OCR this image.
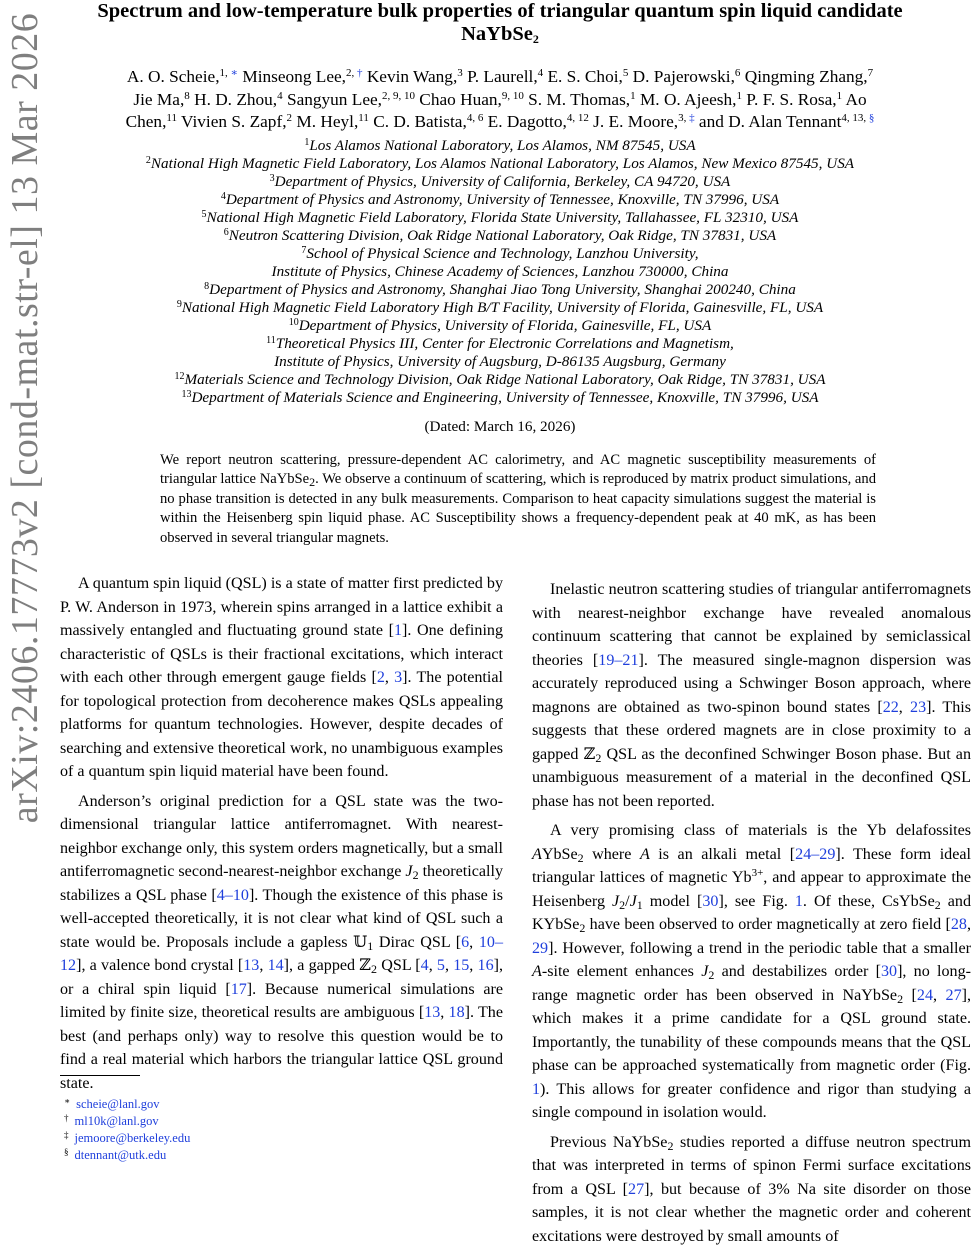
arXiv:2406.17773v2 [cond-mat.str-el] 13 Mar 2026
Spectrum and low-temperature bulk properties of triangular quantum spin liquid candidate
NaYbSe$_2$
A. O. Scheie,$^{1, ∗}$ Minseong Lee,$^{2, \dagger}$ Kevin Wang,$^3$ P. Laurell,$^4$ E. S. Choi,$^5$ D. Pajerowski,$^6$ Qingming Zhang,$^7$
Jie Ma,$^8$ H. D. Zhou,$^4$ Sangyun Lee,$^{2, 9, 10}$ Chao Huan,$^{9, 10}$ S. M. Thomas,$^1$ M. O. Ajeesh,$^1$ P. F. S. Rosa,$^1$ Ao
Chen,$^{11}$ Vivien S. Zapf,$^2$ M. Heyl,$^{11}$ C. D. Batista,$^{4, 6}$ E. Dagotto,$^{4, 12}$ J. E. Moore,$^{3, \ddagger}$ and D. Alan Tennant$^{4, 13, \S}$
$^1$Los Alamos National Laboratory, Los Alamos, NM 87545, USA
$^2$National High Magnetic Field Laboratory, Los Alamos National Laboratory, Los Alamos, New Mexico 87545, USA
$^3$Department of Physics, University of California, Berkeley, CA 94720, USA
$^4$Department of Physics and Astronomy, University of Tennessee, Knoxville, TN 37996, USA
$^5$National High Magnetic Field Laboratory, Florida State University, Tallahassee, FL 32310, USA
$^6$Neutron Scattering Division, Oak Ridge National Laboratory, Oak Ridge, TN 37831, USA
$^7$School of Physical Science and Technology, Lanzhou University,
Institute of Physics, Chinese Academy of Sciences, Lanzhou 730000, China
$^8$Department of Physics and Astronomy, Shanghai Jiao Tong University, Shanghai 200240, China
$^9$National High Magnetic Field Laboratory High B/T Facility, University of Florida, Gainesville, FL, USA
$^{10}$Department of Physics, University of Florida, Gainesville, FL, USA
$^{11}$Theoretical Physics III, Center for Electronic Correlations and Magnetism,
Institute of Physics, University of Augsburg, D-86135 Augsburg, Germany
$^{12}$Materials Science and Technology Division, Oak Ridge National Laboratory, Oak Ridge, TN 37831, USA
$^{13}$Department of Materials Science and Engineering, University of Tennessee, Knoxville, TN 37996, USA
(Dated: March 16, 2026)
We report neutron scattering, pressure-dependent AC calorimetry, and AC magnetic susceptibility measurements of triangular lattice NaYbSe$_2$. We observe a continuum of scattering, which is reproduced by matrix product simulations, and no phase transition is detected in any bulk measurements. Comparison to heat capacity simulations suggest the material is within the Heisenberg spin liquid phase. AC Susceptibility shows a frequency-dependent peak at 40 mK, as has been observed in several triangular magnets.

A quantum spin liquid (QSL) is a state of matter first predicted by P. W. Anderson in 1973, wherein spins arranged in a lattice exhibit a massively entangled and fluctuating ground state [1]. One defining characteristic of QSLs is their fractional excitations, which interact with each other through emergent gauge fields [2, 3]. The potential for topological protection from decoherence makes QSLs appealing platforms for quantum technologies. However, despite decades of searching and extensive theoretical work, no unambiguous examples of a quantum spin liquid material have been found.

Anderson’s original prediction for a QSL state was the two-dimensional triangular lattice antiferromagnet. With nearest-neighbor exchange only, this system orders magnetically, but a small antiferromagnetic second-nearest-neighbor exchange $J_2$ theoretically stabilizes a QSL phase [4–10]. Though the existence of this phase is well-accepted theoretically, it is not clear what kind of QSL such a state would be. Proposals include a gapless 𝕌$_1$ Dirac QSL [6, 10–12], a valence bond crystal [13, 14], a gapped ℤ$_2$ QSL [4, 5, 15, 16], or a chiral spin liquid [17]. Because numerical simulations are limited by finite size, theoretical results are ambiguous [13, 18]. The best (and perhaps only) way to resolve this question would be to find a real material which harbors the triangular lattice QSL ground state.

Inelastic neutron scattering studies of triangular antiferromagnets with nearest-neighbor exchange have revealed anomalous continuum scattering that cannot be explained by semiclassical theories [19–21]. The measured single-magnon dispersion was accurately reproduced using a Schwinger Boson approach, where magnons are obtained as two-spinon bound states [22, 23]. This suggests that these ordered magnets are in close proximity to a gapped ℤ$_2$ QSL as the deconfined Schwinger Boson phase. But an unambiguous measurement of a material in the deconfined QSL phase has not been reported.

A very promising class of materials is the Yb delafossites AYbSe$_2$ where A is an alkali metal [24–29]. These form ideal triangular lattices of magnetic $Yb^{3+}$, and appear to approximate the Heisenberg $J_2/J_1$ model [30], see Fig. 1. Of these, CsYbSe$_2$ and KYbSe$_2$ have been observed to order magnetically at zero field [28, 29]. However, following a trend in the periodic table that a smaller A-site element enhances $J_2$ and destabilizes order [30], no long-range magnetic order has been observed in NaYbSe$_2$ [24, 27], which makes it a prime candidate for a QSL ground state. Importantly, the tunability of these compounds means that the QSL phase can be approached systematically from magnetic order (Fig. 1). This allows for greater confidence and rigor than studying a single compound in isolation would.

Previous NaYbSe$_2$ studies reported a diffuse neutron spectrum that was interpreted in terms of spinon Fermi surface excitations from a QSL [27], but because of 3% Na site disorder on those samples, it is not clear whether the magnetic order and coherent excitations were destroyed by small amounts of

∗ scheie@lanl.gov
† ml10k@lanl.gov
‡ jemoore@berkeley.edu
§ dtennant@utk.edu
